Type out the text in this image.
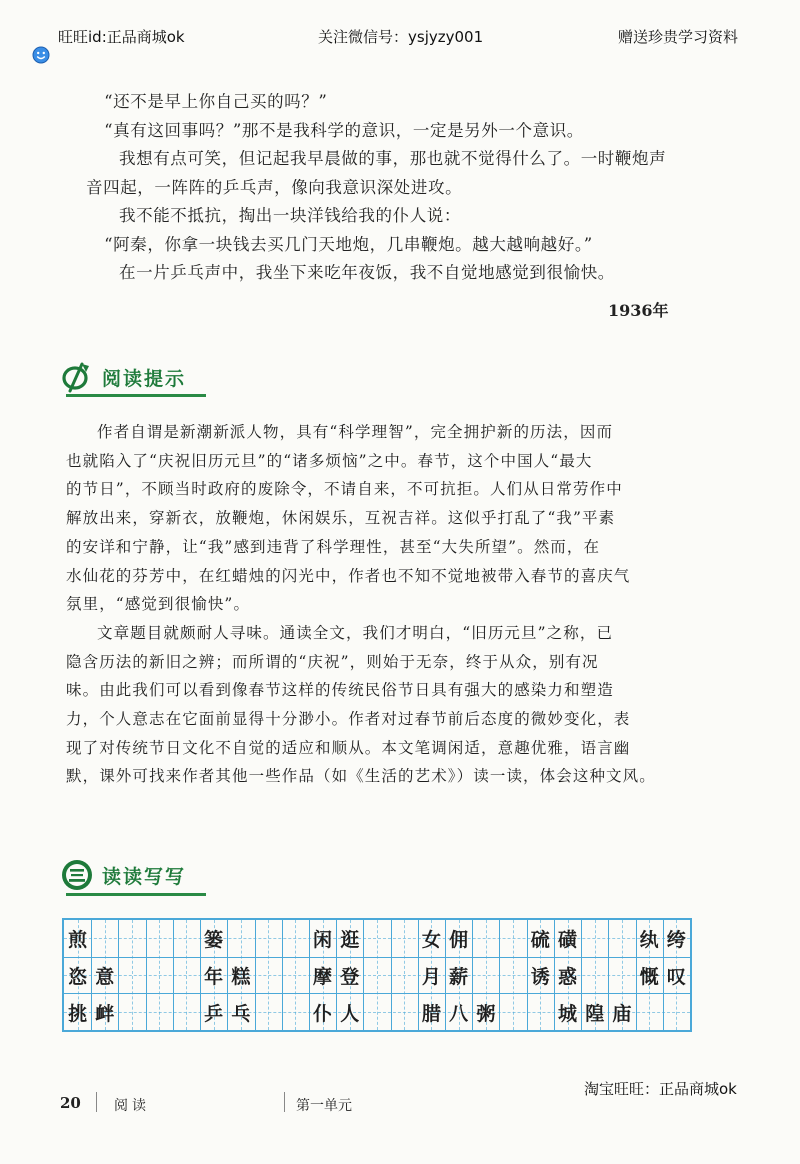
旺旺id:正品商城ok	关注微信号：ysjyzy001	赠送珍贵学习资料

“还不是早上你自己买的吗？”

“真有这回事吗？”那不是我科学的意识，一定是另外一个意识。

我想有点可笑，但记起我早晨做的事，那也就不觉得什么了。一时鞭炮声

音四起，一阵阵的乒乓声，像向我意识深处进攻。

我不能不抵抗，掏出一块洋钱给我的仆人说：

“阿秦，你拿一块钱去买几门天地炮，几串鞭炮。越大越响越好。”

在一片乒乓声中，我坐下来吃年夜饭，我不自觉地感觉到很愉快。

1936年
阅读提示

作者自谓是新潮新派人物，具有“科学理智”，完全拥护新的历法，因而

也就陷入了“庆祝旧历元旦”的“诸多烦恼”之中。春节，这个中国人“最大

的节日”，不顾当时政府的废除令，不请自来，不可抗拒。人们从日常劳作中

解放出来，穿新衣，放鞭炮，休闲娱乐，互祝吉祥。这似乎打乱了“我”平素

的安详和宁静，让“我”感到违背了科学理性，甚至“大失所望”。然而，在

水仙花的芬芳中，在红蜡烛的闪光中，作者也不知不觉地被带入春节的喜庆气

氛里，“感觉到很愉快”。

文章题目就颇耐人寻味。通读全文，我们才明白，“旧历元旦”之称，已

隐含历法的新旧之辨；而所谓的“庆祝”，则始于无奈，终于从众，别有况

味。由此我们可以看到像春节这样的传统民俗节日具有强大的感染力和塑造

力，个人意志在它面前显得十分渺小。作者对过春节前后态度的微妙变化，表

现了对传统节日文化不自觉的适应和顺从。本文笔调闲适，意趣优雅，语言幽

默，课外可找来作者其他一些作品（如《生活的艺术》）读一读，体会这种文风。

读读写写
煎	篓	闲 逛	女 佣	硫 磺	纨 绔
恣 意	年 糕	摩 登	月 薪	诱 惑	慨 叹
挑 衅	乒 乓	仆 人	腊 八 粥	城 隍 庙
淘宝旺旺：正品商城ok
20 阅读	第一单元
